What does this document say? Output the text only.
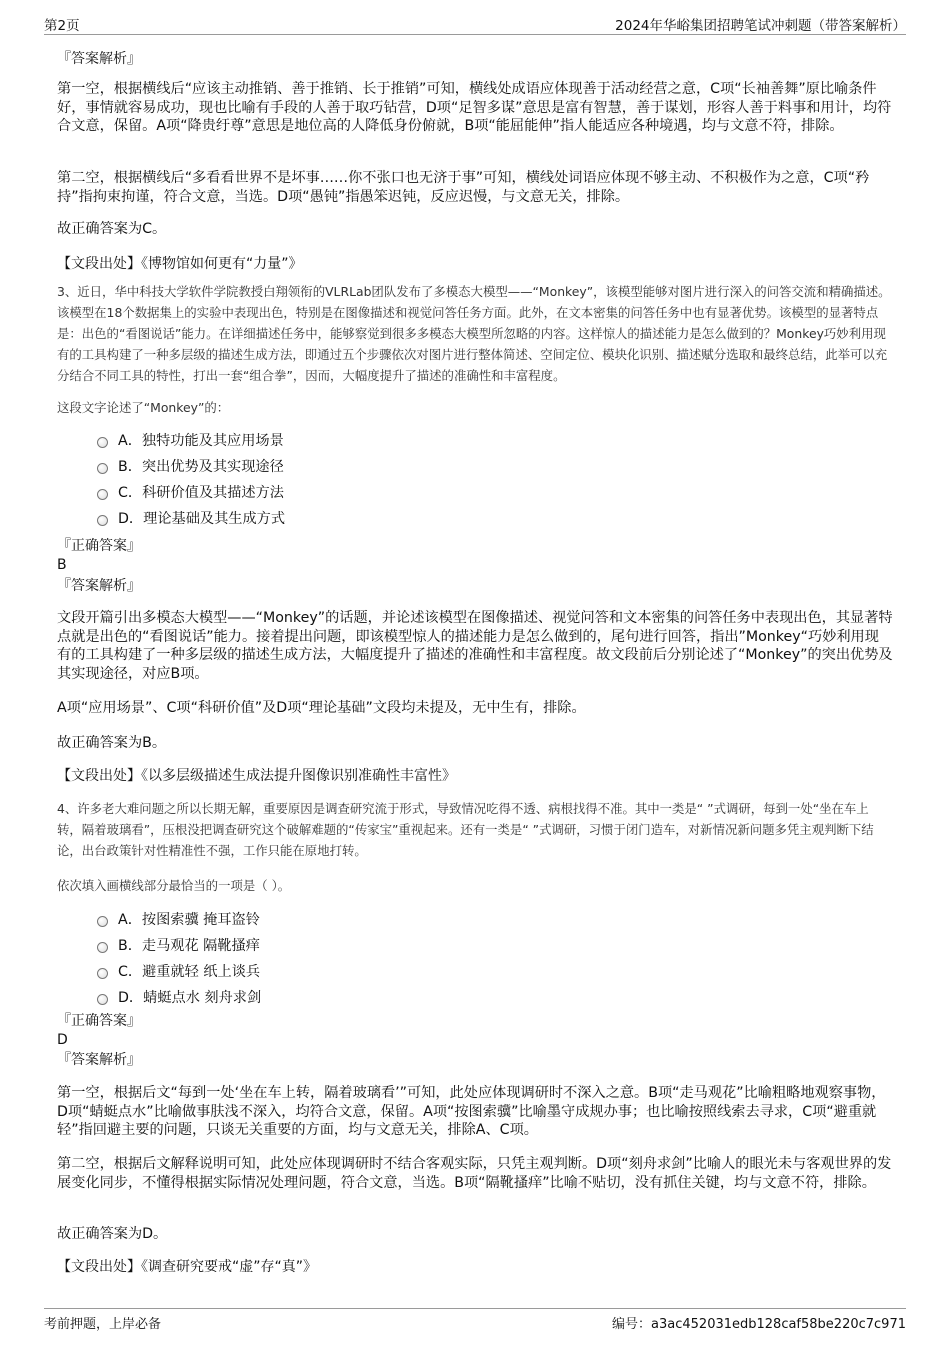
第2页	2024年华峪集团招聘笔试冲刺题（带答案解析）
『答案解析』

第一空，根据横线后“应该主动推销、善于推销、长于推销”可知，横线处成语应体现善于活动经营之意，C项“长袖善舞”原比喻条件好，事情就容易成功，现也比喻有手段的人善于取巧钻营，D项“足智多谋”意思是富有智慧，善于谋划，形容人善于料事和用计，均符合文意，保留。A项“降贵纡尊”意思是地位高的人降低身份俯就，B项“能屈能伸”指人能适应各种境遇，均与文意不符，排除。

第二空，根据横线后“多看看世界不是坏事……你不张口也无济于事”可知，横线处词语应体现不够主动、不积极作为之意，C项“矜持”指拘束拘谨，符合文意，当选。D项“愚钝”指愚笨迟钝，反应迟慢，与文意无关，排除。

故正确答案为C。

【文段出处】《博物馆如何更有“力量”》

3、近日，华中科技大学软件学院教授白翔领衔的VLRLab团队发布了多模态大模型——“Monkey”，该模型能够对图片进行深入的问答交流和精确描述。该模型在18个数据集上的实验中表现出色，特别是在图像描述和视觉问答任务方面。此外，在文本密集的问答任务中也有显著优势。该模型的显著特点是：出色的“看图说话”能力。在详细描述任务中，能够察觉到很多多模态大模型所忽略的内容。这样惊人的描述能力是怎么做到的？Monkey巧妙利用现有的工具构建了一种多层级的描述生成方法，即通过五个步骤依次对图片进行整体简述、空间定位、模块化识别、描述赋分选取和最终总结，此举可以充分结合不同工具的特性，打出一套“组合拳”，因而，大幅度提升了描述的准确性和丰富程度。

这段文字论述了“Monkey”的：

A． 独特功能及其应用场景
B． 突出优势及其实现途径
C． 科研价值及其描述方法
D． 理论基础及其生成方式
『正确答案』
B
『答案解析』

文段开篇引出多模态大模型——“Monkey”的话题，并论述该模型在图像描述、视觉问答和文本密集的问答任务中表现出色，其显著特点就是出色的“看图说话”能力。接着提出问题，即该模型惊人的描述能力是怎么做到的，尾句进行回答，指出”Monkey“巧妙利用现有的工具构建了一种多层级的描述生成方法，大幅度提升了描述的准确性和丰富程度。故文段前后分别论述了“Monkey”的突出优势及其实现途径，对应B项。

A项“应用场景”、C项“科研价值”及D项“理论基础”文段均未提及，无中生有，排除。

故正确答案为B。

【文段出处】《以多层级描述生成法提升图像识别准确性丰富性》

4、许多老大难问题之所以长期无解，重要原因是调查研究流于形式，导致情况吃得不透、病根找得不准。其中一类是“ ”式调研，每到一处“坐在车上转，隔着玻璃看”，压根没把调查研究这个破解难题的“传家宝”重视起来。还有一类是“ ”式调研，习惯于闭门造车，对新情况新问题多凭主观判断下结论，出台政策针对性精准性不强，工作只能在原地打转。

依次填入画横线部分最恰当的一项是（ ）。

A． 按图索骥 掩耳盗铃
B． 走马观花 隔靴搔痒
C． 避重就轻 纸上谈兵
D． 蜻蜓点水 刻舟求剑
『正确答案』
D
『答案解析』

第一空，根据后文“每到一处‘坐在车上转，隔着玻璃看’”可知，此处应体现调研时不深入之意。B项“走马观花”比喻粗略地观察事物，D项“蜻蜓点水”比喻做事肤浅不深入，均符合文意，保留。A项“按图索骥”比喻墨守成规办事；也比喻按照线索去寻求，C项“避重就轻”指回避主要的问题，只谈无关重要的方面，均与文意无关，排除A、C项。

第二空，根据后文解释说明可知，此处应体现调研时不结合客观实际，只凭主观判断。D项“刻舟求剑”比喻人的眼光未与客观世界的发展变化同步，不懂得根据实际情况处理问题，符合文意，当选。B项“隔靴搔痒”比喻不贴切，没有抓住关键，均与文意不符，排除。

故正确答案为D。

【文段出处】《调查研究要戒“虚”存“真”》
考前押题，上岸必备	编号：a3ac452031edb128caf58be220c7c971
